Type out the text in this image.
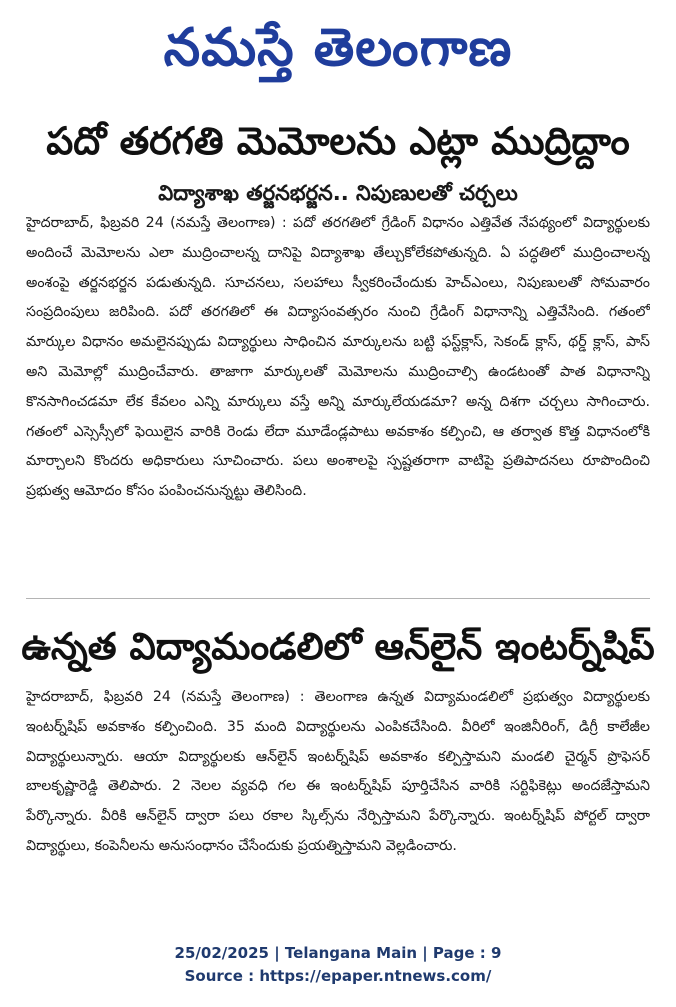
నమస్తే తెలంగాణ
పదో తరగతి మెమోలను ఎట్లా ముద్రిద్దాం
విద్యాశాఖ తర్జనభర్జన.. నిపుణులతో చర్చలు

హైదరాబాద్, ఫిబ్రవరి 24 (నమస్తే తెలంగాణ) : పదో తరగతిలో గ్రేడింగ్ విధానం ఎత్తివేత నేపథ్యంలో విద్యార్థులకు అందించే మెమోలను ఎలా ముద్రించాలన్న దానిపై విద్యాశాఖ తేల్చుకోలేకపోతున్నది. ఏ పద్ధతిలో ముద్రించాలన్న అంశంపై తర్జనభర్జన పడుతున్నది. సూచనలు, సలహాలు స్వీకరించేందుకు హెచ్ఎంలు, నిపుణులతో సోమవారం సంప్రదింపులు జరిపింది. పదో తరగతిలో ఈ విద్యాసంవత్సరం నుంచి గ్రేడింగ్ విధానాన్ని ఎత్తివేసింది. గతంలో మార్కుల విధానం అమలైనప్పుడు విద్యార్థులు సాధించిన మార్కులను బట్టి ఫస్ట్‌క్లాస్, సెకండ్ క్లాస్, థర్డ్ క్లాస్, పాస్ అని మెమోల్లో ముద్రించేవారు. తాజాగా మార్కులతో మెమోలను ముద్రించాల్సి ఉండటంతో పాత విధానాన్ని కొనసాగించడమా లేక కేవలం ఎన్ని మార్కులు వస్తే అన్ని మార్కులేయడమా? అన్న దిశగా చర్చలు సాగించారు. గతంలో ఎస్సెస్సీలో ఫెయిలైన వారికి రెండు లేదా మూడేండ్లపాటు అవకాశం కల్పించి, ఆ తర్వాత కొత్త విధానంలోకి మార్చాలని కొందరు అధికారులు సూచించారు. పలు అంశాలపై స్పష్టతరాగా వాటిపై ప్రతిపాదనలు రూపొందించి ప్రభుత్వ ఆమోదం కోసం పంపించనున్నట్టు తెలిసింది.

ఉన్నత విద్యామండలిలో ఆన్‌లైన్ ఇంటర్న్‌షిప్

హైదరాబాద్, ఫిబ్రవరి 24 (నమస్తే తెలంగాణ) : తెలంగాణ ఉన్నత విద్యామండలిలో ప్రభుత్వం విద్యార్థులకు ఇంటర్న్‌షిప్ అవకాశం కల్పించింది. 35 మంది విద్యార్థులను ఎంపికచేసింది. వీరిలో ఇంజినీరింగ్, డిగ్రీ కాలేజీల విద్యార్థులున్నారు. ఆయా విద్యార్థులకు ఆన్‌లైన్ ఇంటర్న్‌షిప్ అవకాశం కల్పిస్తామని మండలి చైర్మన్ ప్రొఫెసర్ బాలకృష్ణారెడ్డి తెలిపారు. 2 నెలల వ్యవధి గల ఈ ఇంటర్న్‌షిప్ పూర్తిచేసిన వారికి సర్టిఫికెట్లు అందజేస్తామని పేర్కొన్నారు. వీరికి ఆన్‌లైన్ ద్వారా పలు రకాల స్కిల్స్‌ను నేర్పిస్తామని పేర్కొన్నారు. ఇంటర్న్‌షిప్ పోర్టల్ ద్వారా విద్యార్థులు, కంపెనీలను అనుసంధానం చేసేందుకు ప్రయత్నిస్తామని వెల్లడించారు.

25/02/2025 | Telangana Main | Page : 9
Source : https://epaper.ntnews.com/
